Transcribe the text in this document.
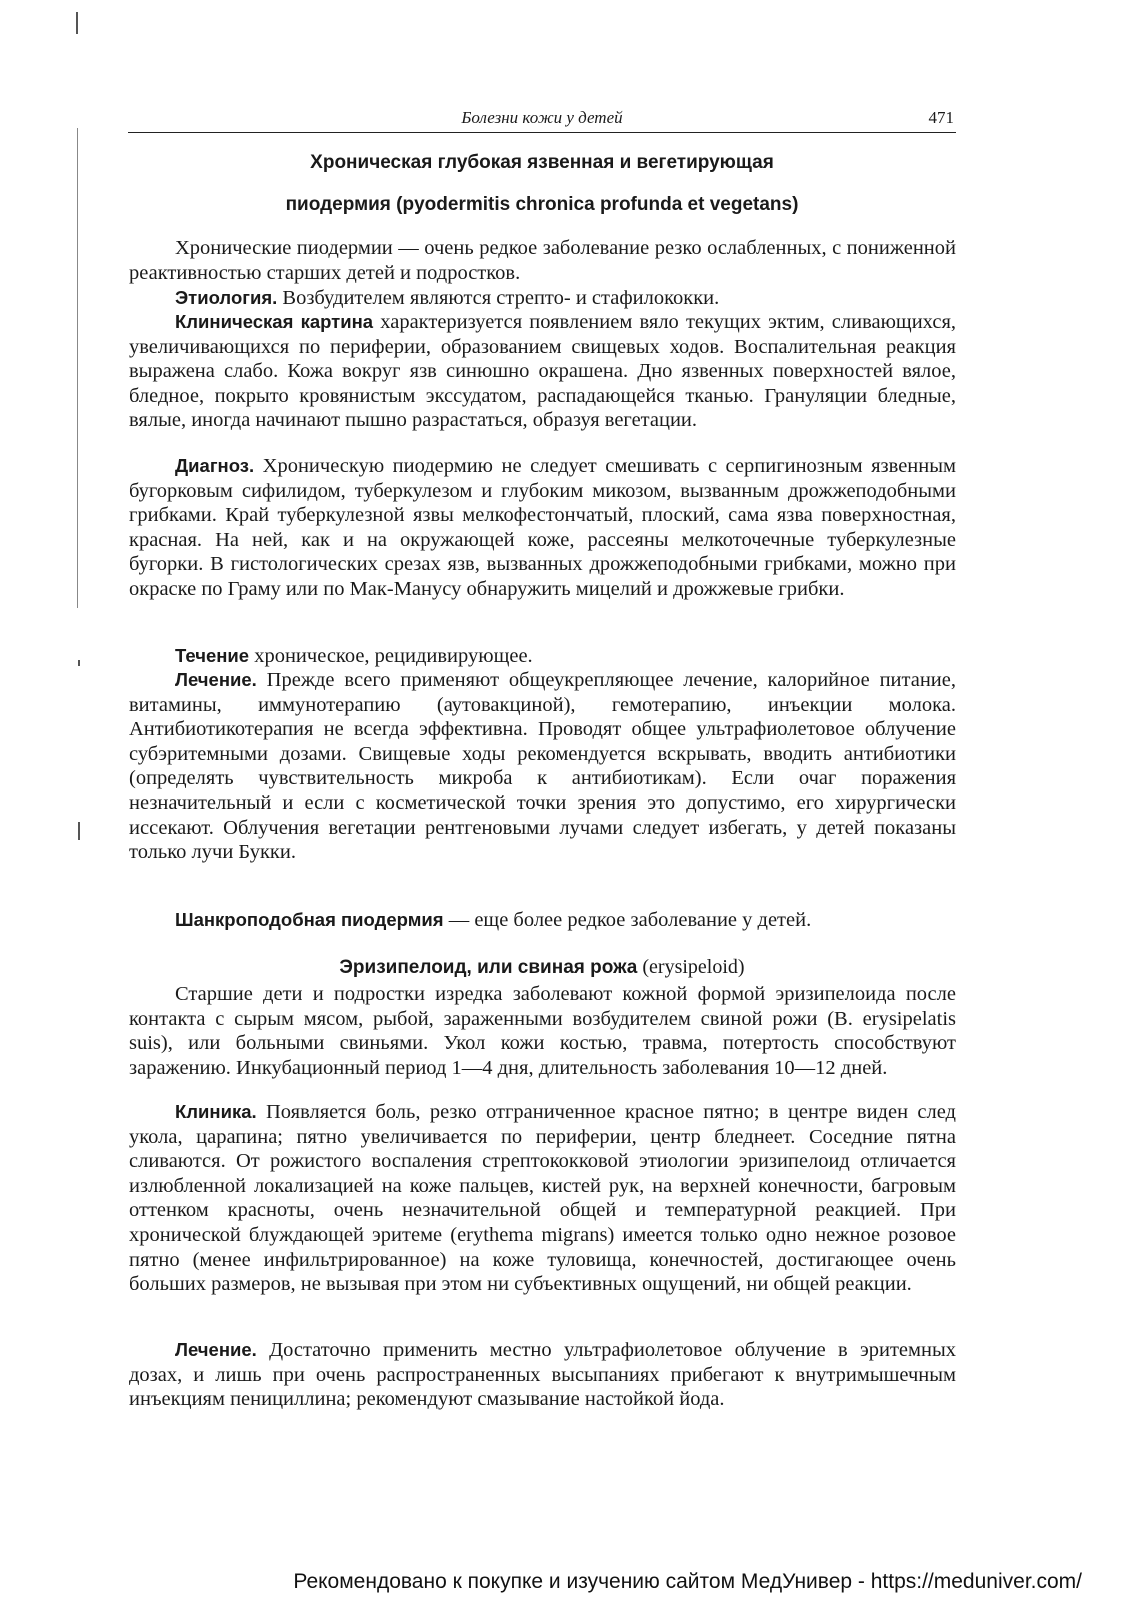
Болезни кожи у детей	471
Хроническая глубокая язвенная и вегетирующая
пиодермия (pyodermitis chronica profunda et vegetans)

Хронические пиодермии — очень редкое заболевание резко ослабленных, с пониженной реактивностью старших детей и подростков.

Этиология. Возбудителем являются стрепто- и стафилококки.

Клиническая картина характеризуется появлением вяло текущих эктим, сливающихся, увеличивающихся по периферии, образованием свищевых ходов. Воспалительная реакция выражена слабо. Кожа вокруг язв синюшно окрашена. Дно язвенных поверхностей вялое, бледное, покрыто кровянистым экссудатом, распадающейся тканью. Грануляции бледные, вялые, иногда начинают пышно разрастаться, образуя вегетации.

Диагноз. Хроническую пиодермию не следует смешивать с серпигинозным язвенным бугорковым сифилидом, туберкулезом и глубоким микозом, вызванным дрожжеподобными грибками. Край туберкулезной язвы мелкофестончатый, плоский, сама язва поверхностная, красная. На ней, как и на окружающей коже, рассеяны мелкоточечные туберкулезные бугорки. В гистологических срезах язв, вызванных дрожжеподобными грибками, можно при окраске по Граму или по Мак-Манусу обнаружить мицелий и дрожжевые грибки.

Течение хроническое, рецидивирующее.

Лечение. Прежде всего применяют общеукрепляющее лечение, калорийное питание, витамины, иммунотерапию (аутовакциной), гемотерапию, инъекции молока. Антибиотикотерапия не всегда эффективна. Проводят общее ультрафиолетовое облучение субэритемными дозами. Свищевые ходы рекомендуется вскрывать, вводить антибиотики (определять чувствительность микроба к антибиотикам). Если очаг поражения незначительный и если с косметической точки зрения это допустимо, его хирургически иссекают. Облучения вегетации рентгеновыми лучами следует избегать, у детей показаны только лучи Букки.

Шанкроподобная пиодермия — еще более редкое заболевание у детей.

Эризипелоид, или свиная рожа (erysipeloid)

Старшие дети и подростки изредка заболевают кожной формой эризипелоида после контакта с сырым мясом, рыбой, зараженными возбудителем свиной рожи (B. erysipelatis suis), или больными свиньями. Укол кожи костью, травма, потертость способствуют заражению. Инкубационный период 1—4 дня, длительность заболевания 10—12 дней.

Клиника. Появляется боль, резко отграниченное красное пятно; в центре виден след укола, царапина; пятно увеличивается по периферии, центр бледнеет. Соседние пятна сливаются. От рожистого воспаления стрептококковой этиологии эризипелоид отличается излюбленной локализацией на коже пальцев, кистей рук, на верхней конечности, багровым оттенком красноты, очень незначительной общей и температурной реакцией. При хронической блуждающей эритеме (erythema migrans) имеется только одно нежное розовое пятно (менее инфильтрированное) на коже туловища, конечностей, достигающее очень больших размеров, не вызывая при этом ни субъективных ощущений, ни общей реакции.

Лечение. Достаточно применить местно ультрафиолетовое облучение в эритемных дозах, и лишь при очень распространенных высыпаниях прибегают к внутримышечным инъекциям пенициллина; рекомендуют смазывание настойкой йода.

Рекомендовано к покупке и изучению сайтом МедУнивер - https://meduniver.com/
